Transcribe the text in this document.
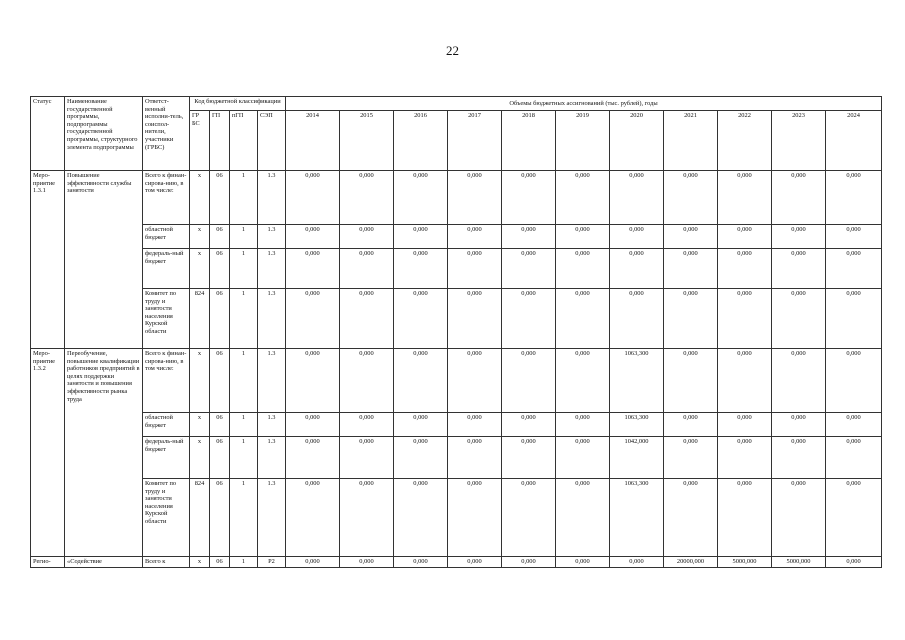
22
Статус	Наименование государственной программы, подпрограммы государственной программы, структурного элемента подпрограммы	Ответст-венный исполни-тель, соиспол-нители, участники (ГРБС)	Код бюджетной классификации				Объемы бюджетных ассигнований (тыс. рублей), годы										
			ГР БС	ГП	пГП	СЭП	2014	2015	2016	2017	2018	2019	2020	2021	2022	2023	2024
Меро-приятие 1.3.1	Повышение эффективности службы занятости	Всего к финан-сирова-нию, в том числе:	х	06	1	1.3	0,000	0,000	0,000	0,000	0,000	0,000	0,000	0,000	0,000	0,000	0,000
		областной бюджет	х	06	1	1.3	0,000	0,000	0,000	0,000	0,000	0,000	0,000	0,000	0,000	0,000	0,000
		федераль-ный бюджет	х	06	1	1.3	0,000	0,000	0,000	0,000	0,000	0,000	0,000	0,000	0,000	0,000	0,000
		Комитет по труду и занятости населения Курской области	824	06	1	1.3	0,000	0,000	0,000	0,000	0,000	0,000	0,000	0,000	0,000	0,000	0,000
Меро-приятие 1.3.2	Переобучение, повышение квалификации работников предприятий в целях поддержки занятости и повышения эффективности рынка труда	Всего к финан-сирова-нию, в том числе:	х	06	1	1.3	0,000	0,000	0,000	0,000	0,000	0,000	1063,300	0,000	0,000	0,000	0,000
		областной бюджет	х	06	1	1.3	0,000	0,000	0,000	0,000	0,000	0,000	1063,300	0,000	0,000	0,000	0,000
		федераль-ный бюджет	х	06	1	1.3	0,000	0,000	0,000	0,000	0,000	0,000	1042,000	0,000	0,000	0,000	0,000
		Комитет по труду и занятости населения Курской области	824	06	1	1.3	0,000	0,000	0,000	0,000	0,000	0,000	1063,300	0,000	0,000	0,000	0,000
Регио-	«Содействие	Всего к	х	06	1	Р2	0,000	0,000	0,000	0,000	0,000	0,000	0,000	20000,000	5000,000	5000,000	0,000
